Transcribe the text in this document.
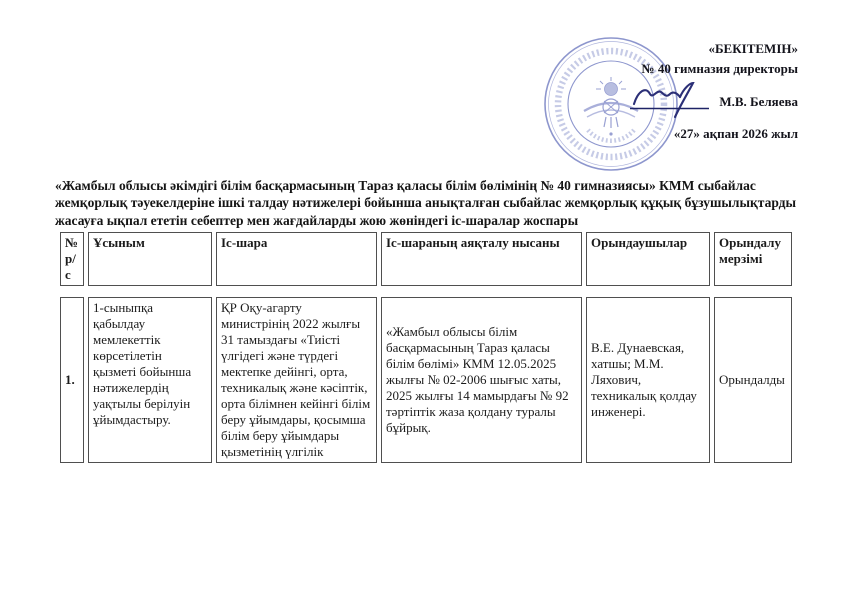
«БЕКІТЕМІН»
№ 40 гимназия директоры
М.В. Беляева
«27» ақпан 2026 жыл

«Жамбыл облысы әкімдігі білім басқармасының Тараз қаласы білім бөлімінің № 40 гимназиясы» КММ сыбайлас жемқорлық тәуекелдеріне ішкі талдау нәтижелері бойынша анықталған сыбайлас жемқорлық құқық бұзушылықтарды жасауға ықпал ететін себептер мен жағдайларды жою жөніндегі іс-шаралар жоспары

№ р/с	Ұсыным	Іс-шара	Іс-шараның аяқталу нысаны	Орындаушылар	Орындалу мерзімі
1.	1-сыныпқа қабылдау мемлекеттік көрсетілетін қызметі бойынша нәтижелердің уақтылы берілуін ұйымдастыру.	ҚР Оқу-агарту министрінің 2022 жылғы 31 тамыздағы «Тиісті үлгідегі және түрдегі мектепке дейінгі, орта, техникалық және кәсіптік, орта білімнен кейінгі білім беру ұйымдары, қосымша білім беру ұйымдары қызметінің үлгілік	«Жамбыл облысы білім басқармасының Тараз қаласы білім бөлімі» КММ 12.05.2025 жылғы № 02-2006 шығыс хаты, 2025 жылғы 14 мамырдағы № 92 тәртіптік жаза қолдану туралы бұйрық.	В.Е. Дунаевская, хатшы; М.М. Ляхович, техникалық қолдау инженері.	Орындалды
